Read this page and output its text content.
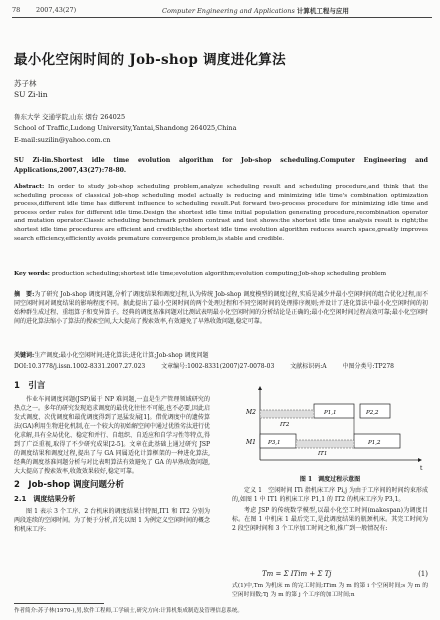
78 2007,43(27)	Computer Engineering and Applications 计算机工程与应用
最小化空闲时间的 Job-shop 调度进化算法
苏子林
SU Zi-lin
鲁东大学 交通学院,山东 烟台 264025
School of Traffic,Ludong University,Yantai,Shandong 264025,China
E-mail:suzilin@yahoo.com.cn
SU Zi-lin.Shortest idle time evolution algorithm for Job-shop scheduling.Computer Engineering and Applications,2007,43(27):78-80.
Abstract: In order to study job-shop scheduling problem,analyze scheduling result and scheduling procedure,and think that the scheduling process of classical job-shop scheduling model actually is reducing and minimizing idle time's combination optimization process,different idle time has different influence to scheduling result.Put forward two-process procedure for minimizing idle time and process order rules for different idle time.Design the shortest idle time initial population generating procedure,recombination operator and mutation operator.Classic scheduling benchmark problem contrast and test shows:the shortest idle time analysis result is right;the shortest idle time procedures are efficient and credible;the shortest idle time evolution algorithm reduces search space,greatly improves search efficiency,efficiently avoids premature convergence problem,is stable and credible.
Key words: production scheduling;shortest idle time;evolution algorithm;evolution computing;Job-shop scheduling problem
摘　要:为了研究 Job-shop 调度问题,分析了调度结果和调度过程,认为传统 Job-shop 调度模型的调度过程,实质是减少并最小空闲时间的组合优化过程,而不同空闲时间对调度结果的影响程度不同。据此提出了最小空闲时间的两个处理过程和不同空闲时间的处理排序规则;并设计了进化算法中最小化空闲时间的初始种群生成过程、重组算子和变异算子。经典的调度基准问题对比测试表明最小化空闲时间的分析结论是正确的;最小化空闲时间过程高效可靠;最小化空闲时间的进化算法缩小了算法的搜索空间,大大提高了搜索效率,有效避免了早熟收敛问题,稳定可靠。
关键词:生产调度;最小化空闲时间;进化算法;进化计算;Job-shop 调度问题
DOI:10.3778/j.issn.1002-8331.2007.27.023	文章编号:1002-8331(2007)27-0078-03	文献标识码:A	中图分类号:TP278
1　引言

作业车间调度问题(JSP)属于 NP 难问题,一直是生产管理领域研究的热点之一。多年的研究发现追求调度的最优化往往不可能,也不必要,因此启发式调度、次优调度和最优调度得到了迅猛发展[1]。借优调度中的遗传算法(GA)利用生物进化机制,在一个较大的初始解空间中通过优胜劣汰进行优化求解,具有全局优化、稳定和并行、自组织、自适应和自学习性等特点,得到了广泛重视,取得了不少研究成果[2-5]。文章在此基础上通过研究 JSP 的调度结果和调度过程,提出了与 GA 同属适化计算框架的一种进化算法,经典的调度基准问题分析与对比表明算法有效避免了 GA 的早熟收敛问题,大大提高了搜索效率,收敛效果较好,稳定可靠。

2　Job-shop 调度问题分析
2.1　调度结果分析

图 1 表示 3 个工序、2 台机床的调度结果甘特图,IT1 和 IT2 分别为两段连续的空闲时间。为了便于分析,首先以图 1 为例定义空闲时间的概念和机床工序:

t
M2
M1
P1,1	P2,2
P3,1	P1,2
IT1
IT2
图 1　调度过程示意图

定义 1　空闲时间 ITi 指机床工序 Pi,j 为由于工序间的时间约束形成的,如图 1 中 IT1 的机床工序 P1,1 的 IT2 的机床工序为 P3,1。

考虑 JSP 的传统数学模型,以最小化空工时间(makespan)为调度目标。在图 1 中机床 1 最后完工,是此调度结果的瓶颈机床。其完工时间为 2 段空闲时间和 3 个工序加工时间之和,推广到一般情况有:

Tm = Σ ITim + Σ Tj	(1)
式(1)中,Tm 为机床 m 的完工时间;ITim 为 m 的第 i 个空闲时间;s 为 m 的空闲时间数;Tj 为 m 的第 j 个工序的加工时间;n
作者简介:苏子林(1970-),男,软件工程师,工学硕士,研究方向:计算机集成制造及管理信息系统。
